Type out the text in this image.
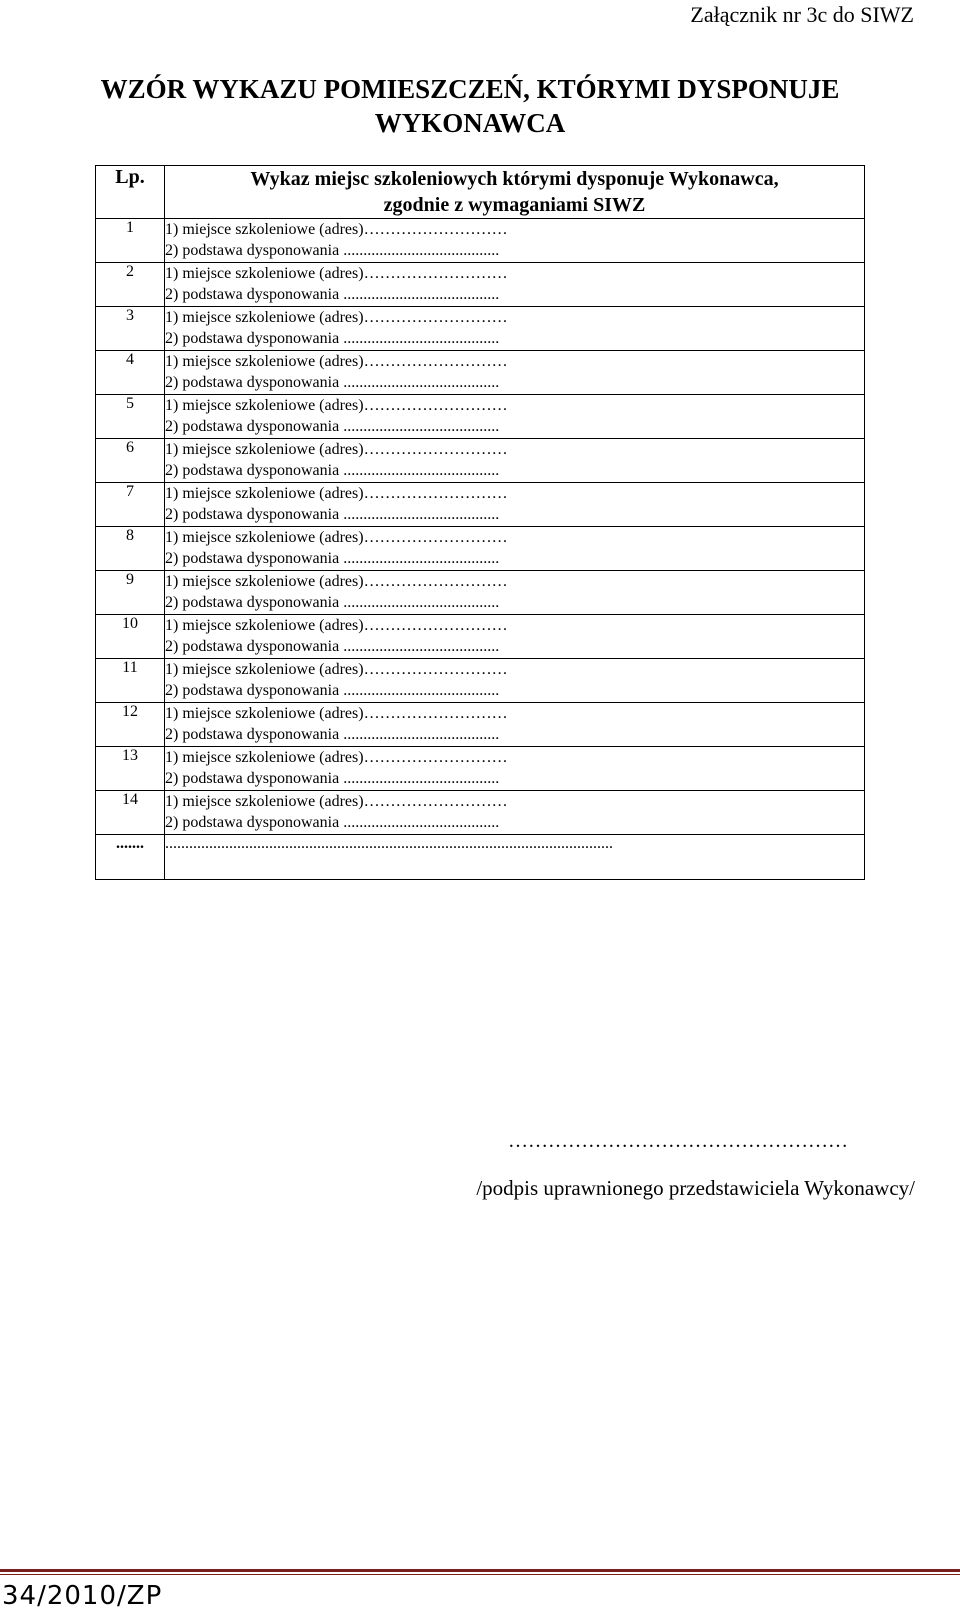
Załącznik nr 3c do SIWZ
WZÓR WYKAZU POMIESZCZEŃ, KTÓRYMI DYSPONUJE
WYKONAWCA
Lp.	Wykaz miejsc szkoleniowych którymi dysponuje Wykonawca,
zgodnie z wymaganiami SIWZ

1	1) miejsce szkoleniowe (adres)………………………
2) podstawa dysponowania .......................................

2	1) miejsce szkoleniowe (adres)………………………
2) podstawa dysponowania .......................................

3	1) miejsce szkoleniowe (adres)………………………
2) podstawa dysponowania .......................................

4	1) miejsce szkoleniowe (adres)………………………
2) podstawa dysponowania .......................................

5	1) miejsce szkoleniowe (adres)………………………
2) podstawa dysponowania .......................................

6	1) miejsce szkoleniowe (adres)………………………
2) podstawa dysponowania .......................................

7	1) miejsce szkoleniowe (adres)………………………
2) podstawa dysponowania .......................................

8	1) miejsce szkoleniowe (adres)………………………
2) podstawa dysponowania .......................................

9	1) miejsce szkoleniowe (adres)………………………
2) podstawa dysponowania .......................................

10	1) miejsce szkoleniowe (adres)………………………
2) podstawa dysponowania .......................................

11	1) miejsce szkoleniowe (adres)………………………
2) podstawa dysponowania .......................................

12	1) miejsce szkoleniowe (adres)………………………
2) podstawa dysponowania .......................................

13	1) miejsce szkoleniowe (adres)………………………
2) podstawa dysponowania .......................................

14	1) miejsce szkoleniowe (adres)………………………
2) podstawa dysponowania .......................................

.......	................................................................................................................
……………………………………………
/podpis uprawnionego przedstawiciela Wykonawcy/
34/2010/ZP
